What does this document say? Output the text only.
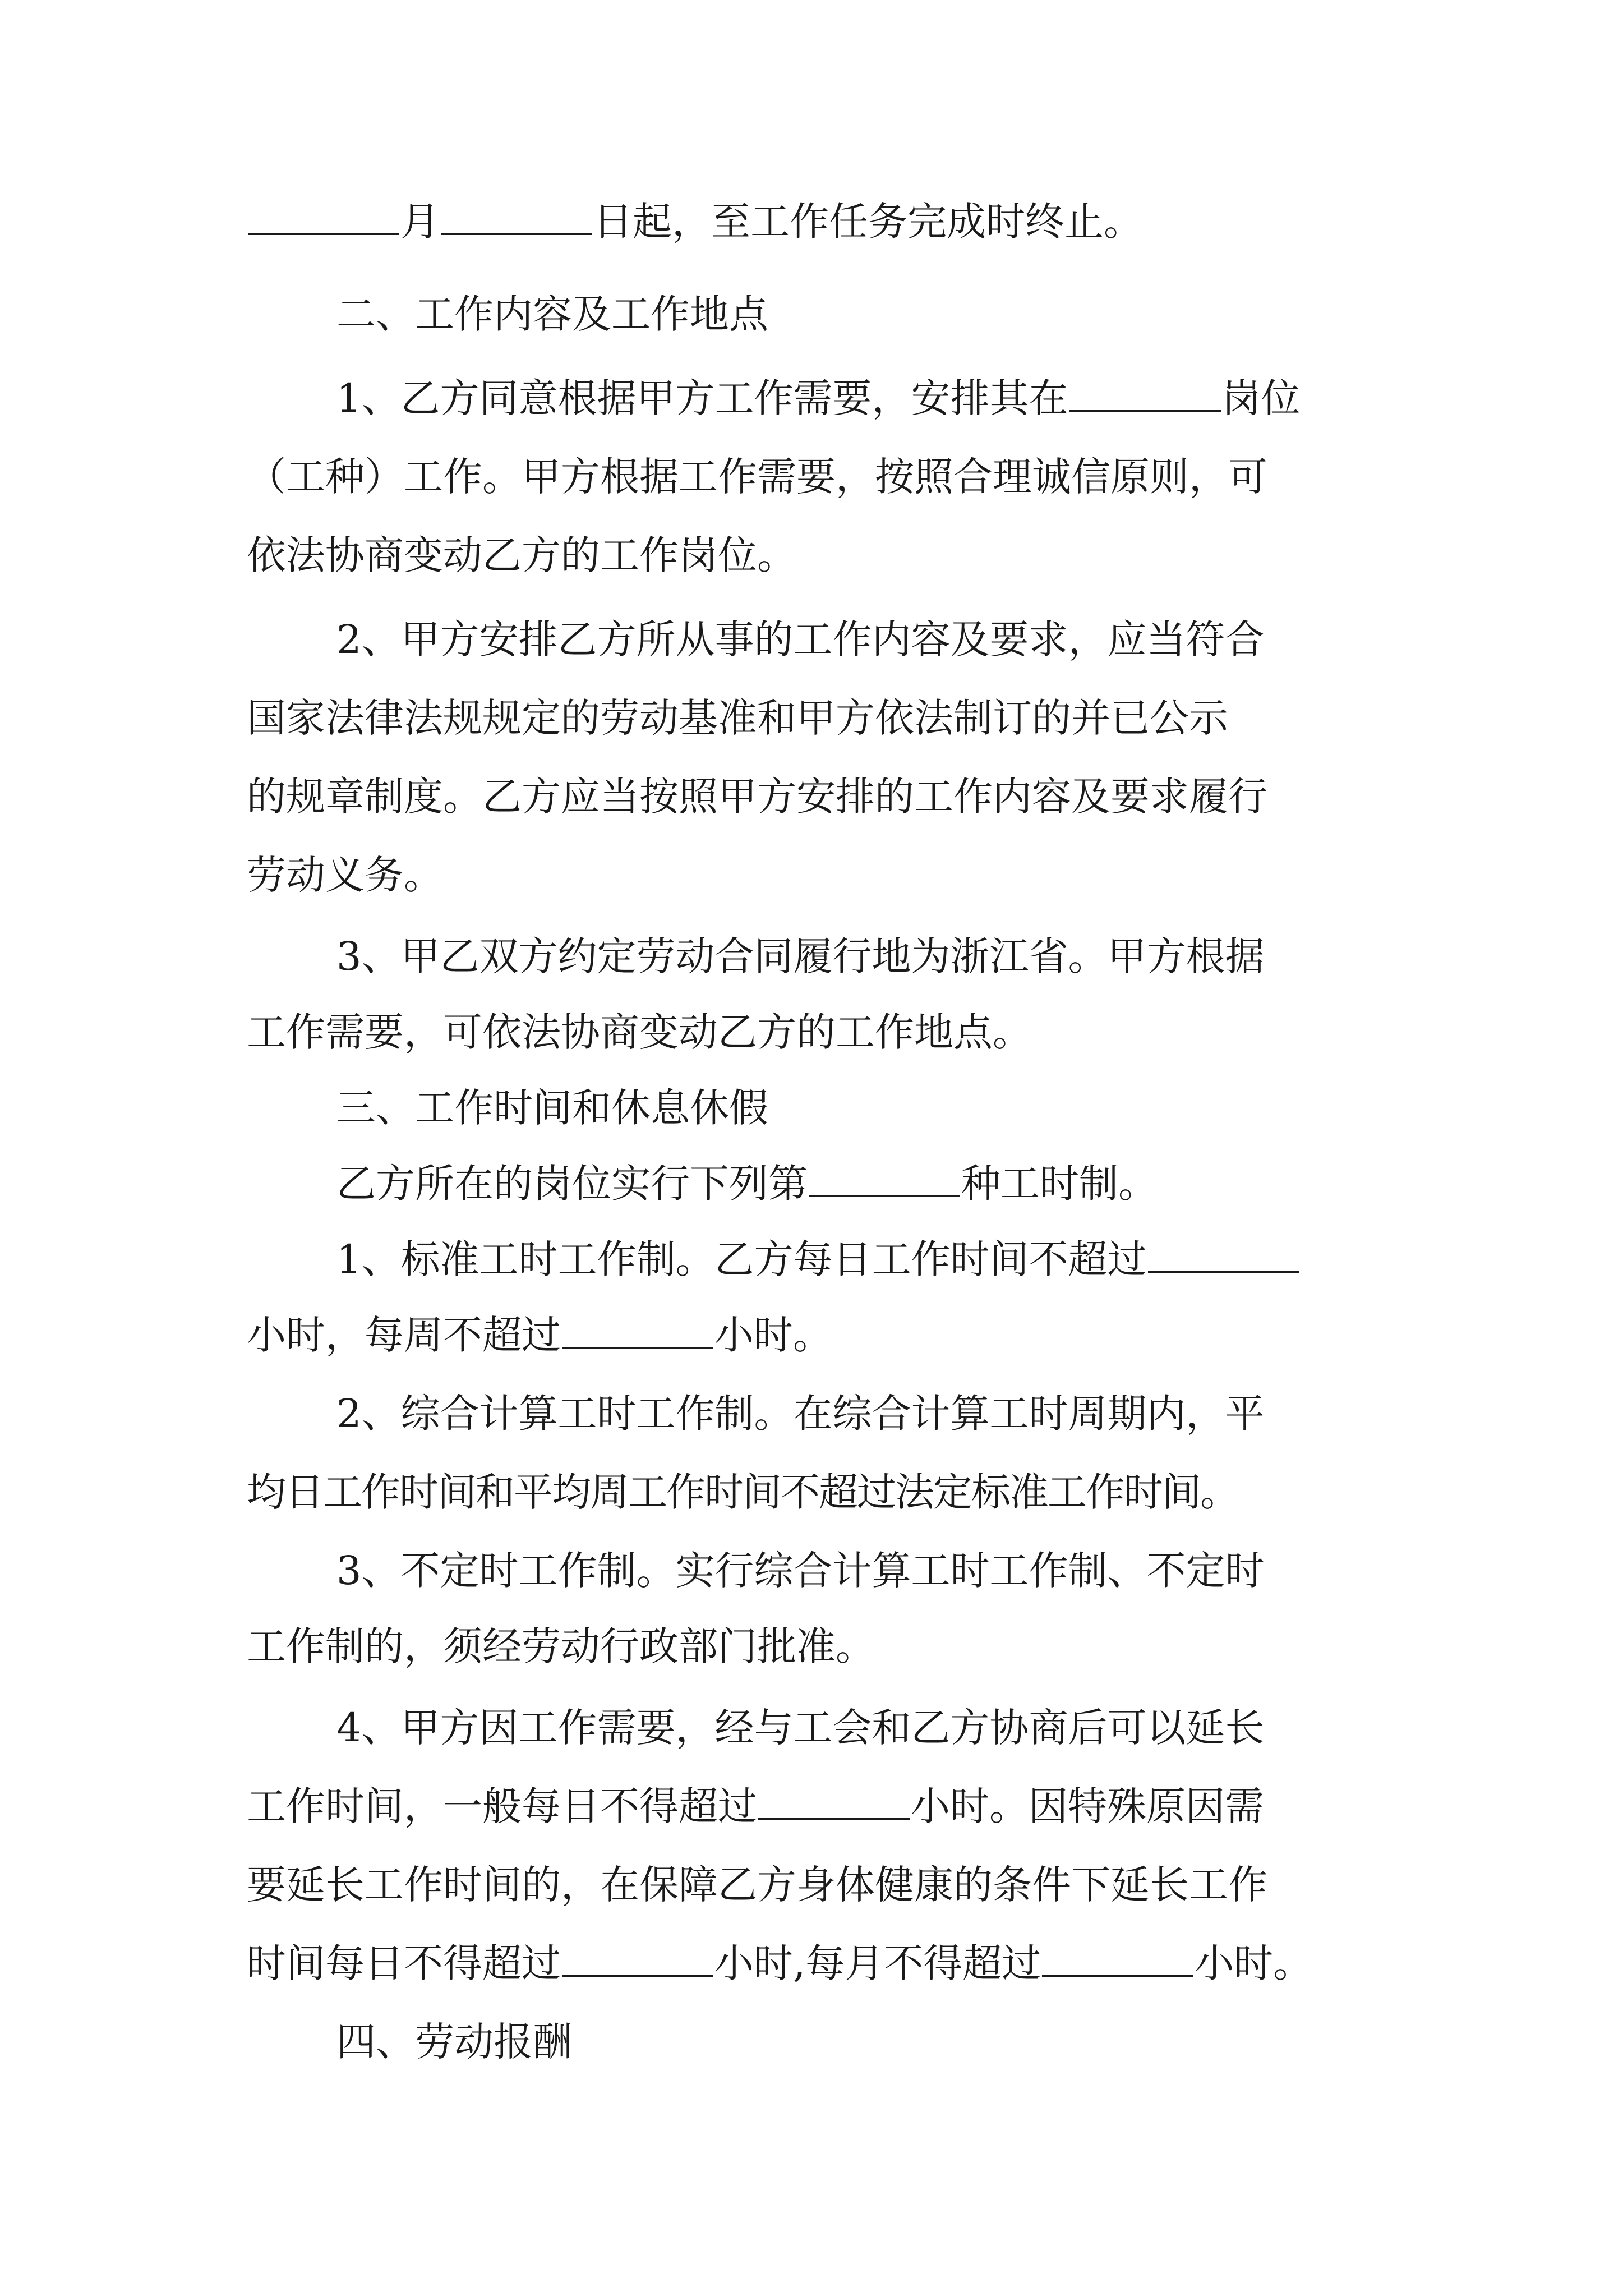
月	日起，至工作任务完成时终止。
二、工作内容及工作地点
1、乙方同意根据甲方工作需要，安排其在	岗位
（工种）工作。甲方根据工作需要，按照合理诚信原则，可
依法协商变动乙方的工作岗位。
2、甲方安排乙方所从事的工作内容及要求，应当符合
国家法律法规规定的劳动基准和甲方依法制订的并已公示
的规章制度。乙方应当按照甲方安排的工作内容及要求履行
劳动义务。
3、甲乙双方约定劳动合同履行地为浙江省。甲方根据
工作需要，可依法协商变动乙方的工作地点。
三、工作时间和休息休假
乙方所在的岗位实行下列第	种工时制。
1、标准工时工作制。乙方每日工作时间不超过
小时，每周不超过	小时。
2、综合计算工时工作制。在综合计算工时周期内，平
均日工作时间和平均周工作时间不超过法定标准工作时间。
3、不定时工作制。实行综合计算工时工作制、不定时
工作制的，须经劳动行政部门批准。
4、甲方因工作需要，经与工会和乙方协商后可以延长
工作时间，一般每日不得超过	小时。因特殊原因需
要延长工作时间的，在保障乙方身体健康的条件下延长工作
时间每日不得超过	小时,每月不得超过	小时。
四、劳动报酬
